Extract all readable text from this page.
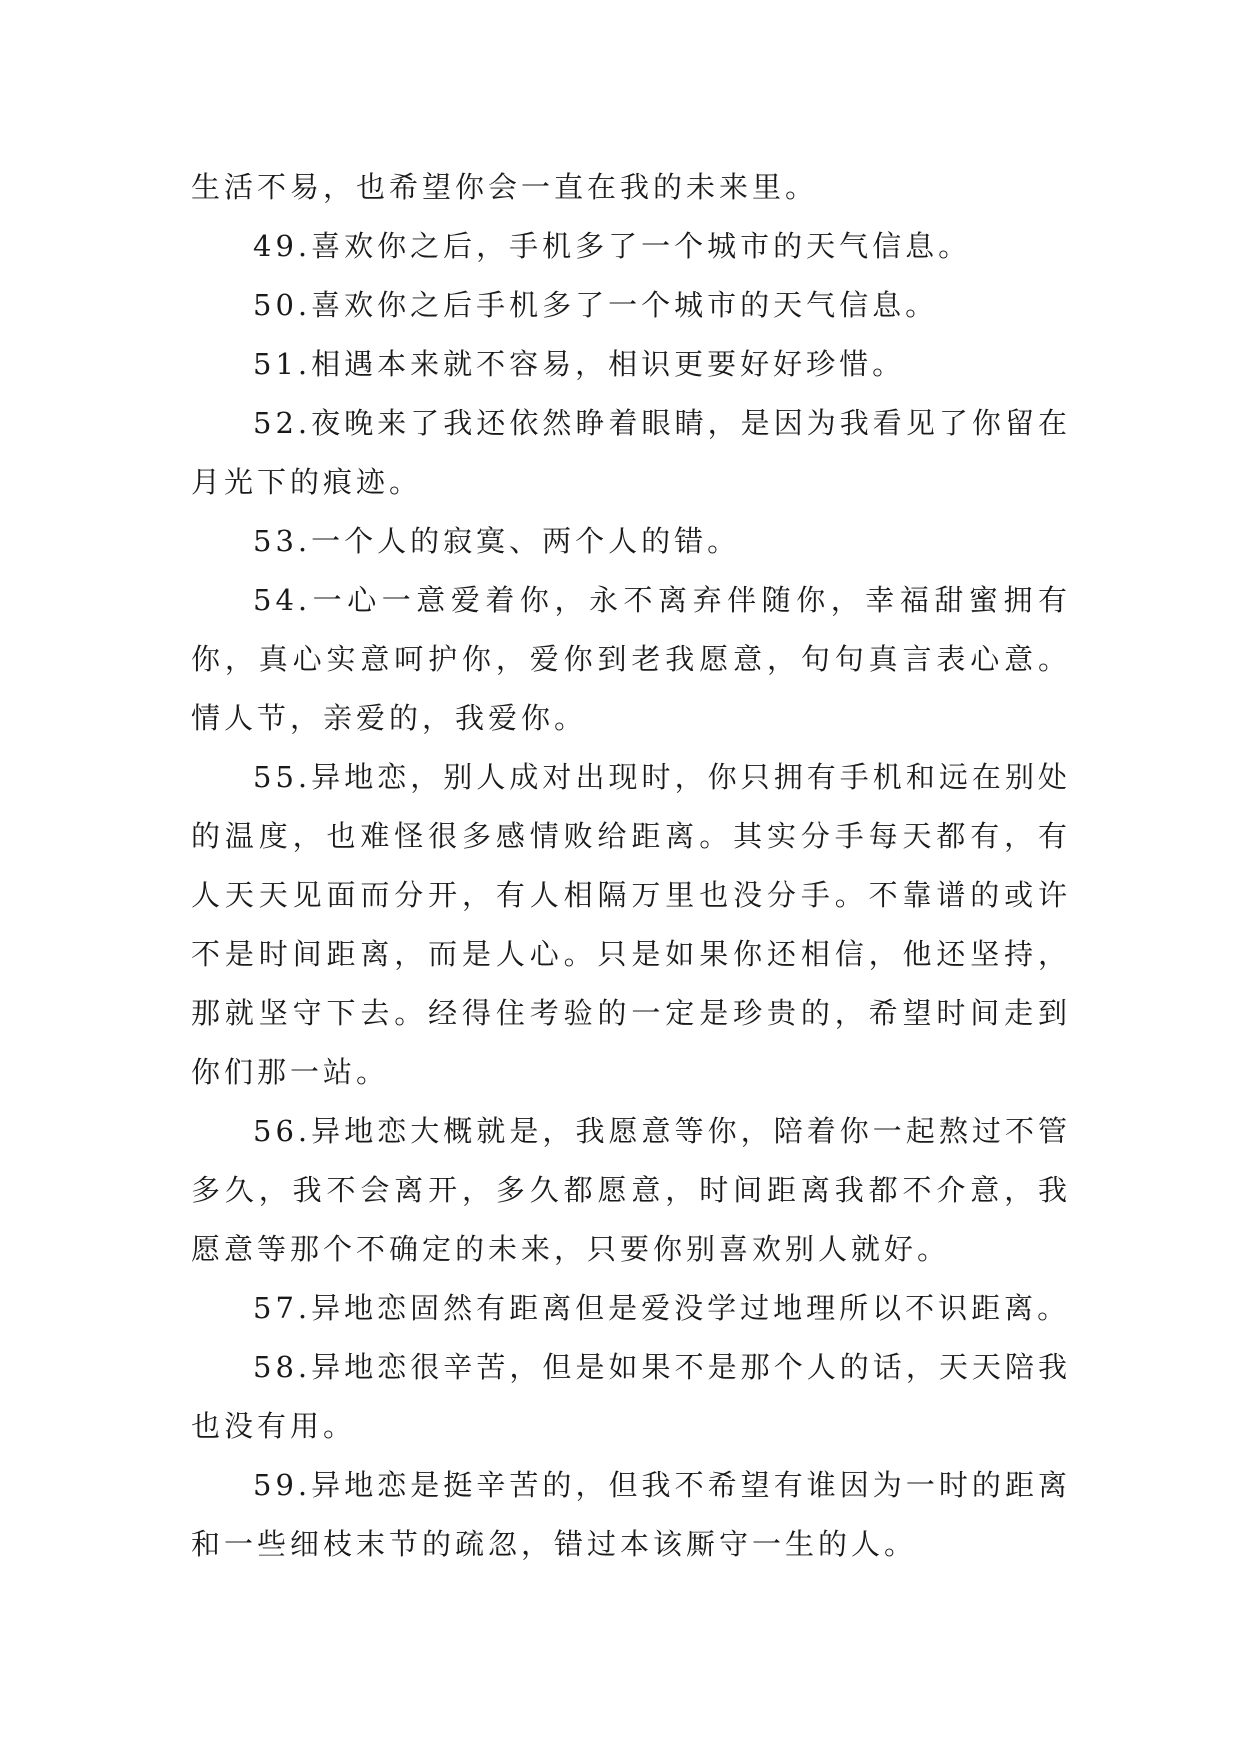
生活不易，也希望你会一直在我的未来里。

49.喜欢你之后，手机多了一个城市的天气信息。

50.喜欢你之后手机多了一个城市的天气信息。

51.相遇本来就不容易，相识更要好好珍惜。

52.夜晚来了我还依然睁着眼睛，是因为我看见了你留在月光下的痕迹。

53.一个人的寂寞、两个人的错。

54.一心一意爱着你，永不离弃伴随你，幸福甜蜜拥有你，真心实意呵护你，爱你到老我愿意，句句真言表心意。情人节，亲爱的，我爱你。

55.异地恋，别人成对出现时，你只拥有手机和远在别处的温度，也难怪很多感情败给距离。其实分手每天都有，有人天天见面而分开，有人相隔万里也没分手。不靠谱的或许不是时间距离，而是人心。只是如果你还相信，他还坚持，那就坚守下去。经得住考验的一定是珍贵的，希望时间走到你们那一站。

56.异地恋大概就是，我愿意等你，陪着你一起熬过不管多久，我不会离开，多久都愿意，时间距离我都不介意，我愿意等那个不确定的未来，只要你别喜欢别人就好。

57.异地恋固然有距离但是爱没学过地理所以不识距离。

58.异地恋很辛苦，但是如果不是那个人的话，天天陪我也没有用。

59.异地恋是挺辛苦的，但我不希望有谁因为一时的距离和一些细枝末节的疏忽，错过本该厮守一生的人。
